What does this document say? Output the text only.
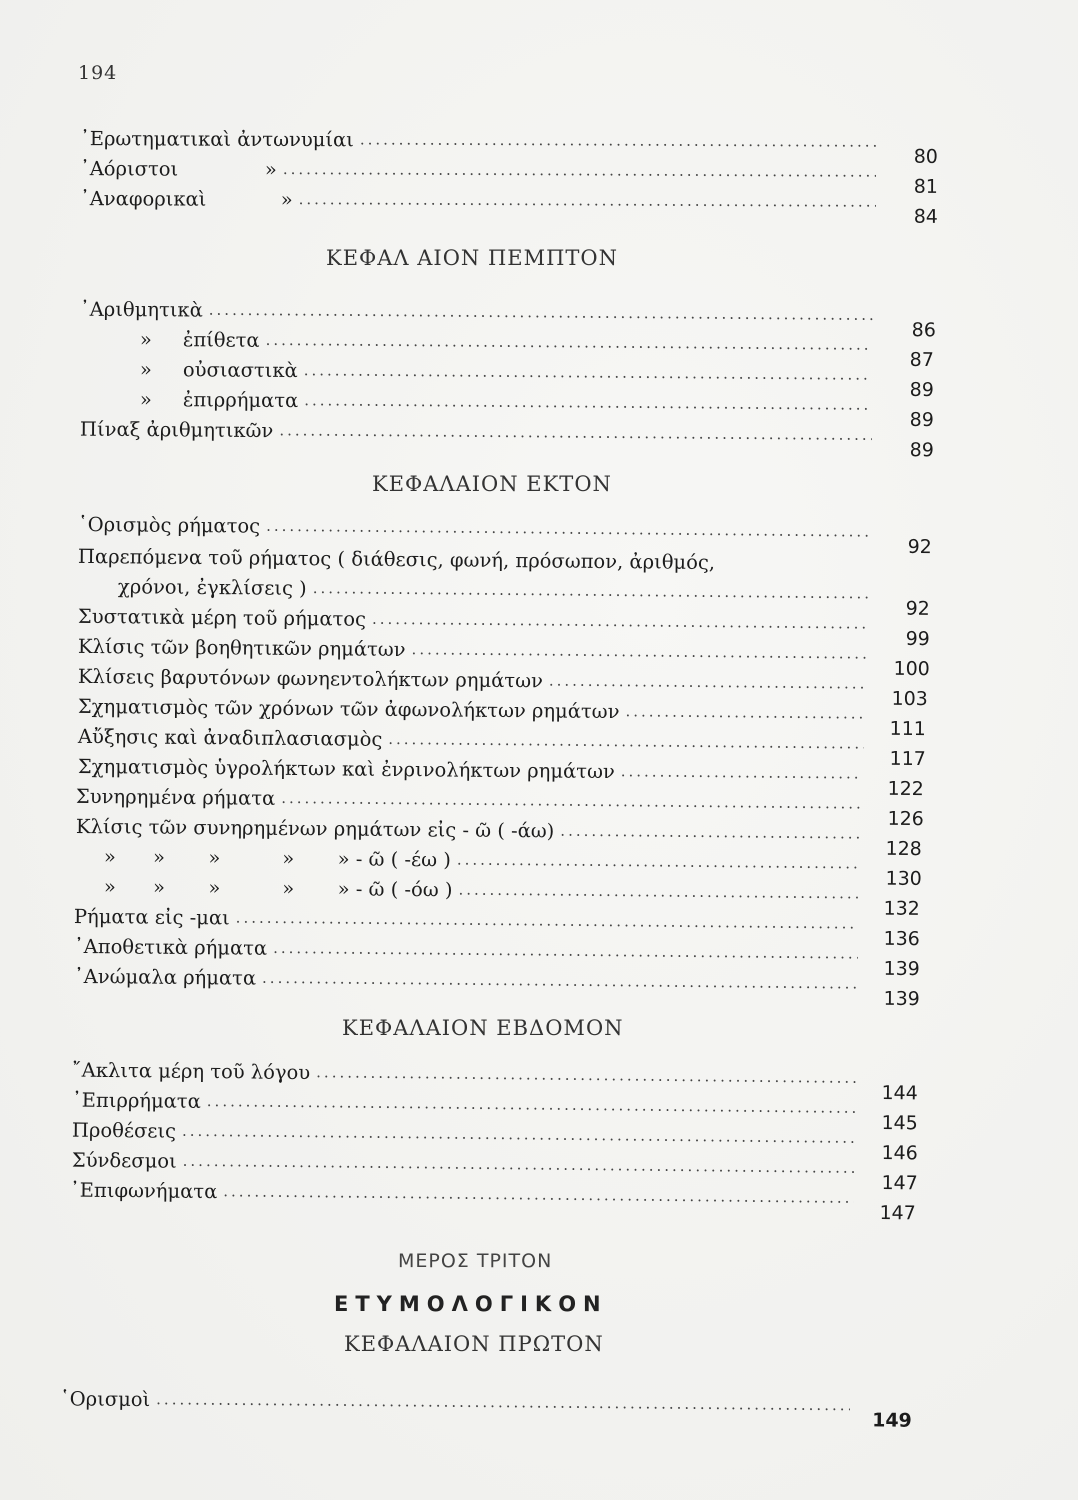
194
᾿Ερωτηματικαὶ ἀντωνυμίαι
.....
80
᾿Αόριστοι              »
.....
81
᾿Αναφορικαὶ            »
.....
84
ΚΕΦΑΛ ΑΙΟΝ ΠΕΜΠΤΟΝ
᾿Αριθμητικὰ
.....
86
»     ἐπίθετα
.....
87
»     οὐσιαστικὰ
.....
89
»     ἐπιρρήματα
.....
89
Πίναξ ἀριθμητικῶν
.....
89
ΚΕΦΑΛΑΙΟΝ ΕΚΤΟΝ
῾Ορισμὸς ρήματος
.....
92
Παρεπόμενα τοῦ ρήματος ( διάθεσις, φωνή, πρόσωπον, ἀριθμός,
χρόνοι, ἐγκλίσεις )
.....
92
Συστατικὰ μέρη τοῦ ρήματος
.....
99
Κλίσις τῶν βοηθητικῶν ρημάτων
.....
100
Κλίσεις βαρυτόνων φωνηεντολήκτων ρημάτων
.....
103
Σχηματισμὸς τῶν χρόνων τῶν ἀφωνολήκτων ρημάτων
.....
111
Αὔξησις καὶ ἀναδιπλασιασμὸς
.....
117
Σχηματισμὸς ὑγρολήκτων καὶ ἐνρινολήκτων ρημάτων
.....
122
Συνηρημένα ρήματα
.....
126
Κλίσις τῶν συνηρημένων ρημάτων εἰς - ῶ ( -άω)
.....
128
»      »       »          »       » - ῶ ( -έω )
.....
130
»      »       »          »       » - ῶ ( -όω )
.....
132
Ρήματα εἰς -μαι
.....
136
᾿Αποθετικὰ ρήματα
.....
139
᾿Ανώμαλα ρήματα
.....
139
ΚΕΦΑΛΑΙΟΝ ΕΒΔΟΜΟΝ
῎Ακλιτα μέρη τοῦ λόγου
.....
144
᾿Επιρρήματα
.....
145
Προθέσεις
.....
146
Σύνδεσμοι
.....
147
᾿Επιφωνήματα
.....
147
ΜΕΡΟΣ ΤΡΙΤΟΝ
ΕΤΥΜΟΛΟΓΙΚΟΝ
ΚΕΦΑΛΑΙΟΝ ΠΡΩΤΟΝ
῾Ορισμοὶ
.....
149
